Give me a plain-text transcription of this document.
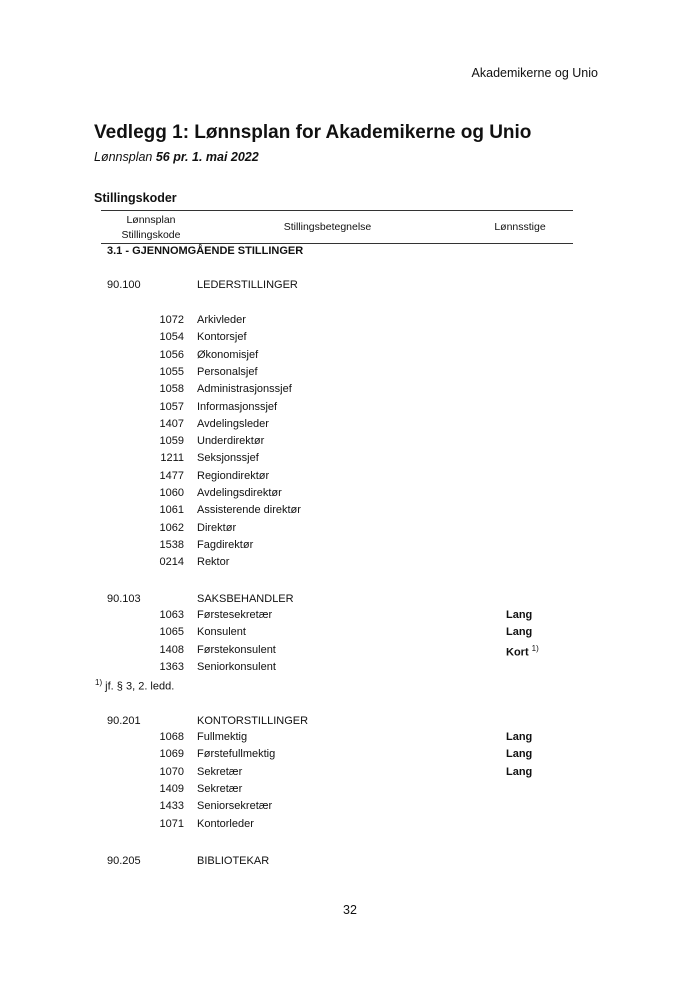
Akademikerne og Unio
Vedlegg 1: Lønnsplan for Akademikerne og Unio
Lønnsplan 56 pr. 1. mai 2022
Stillingskoder
Lønnsplan
Stillingskode
Stillingsbetegnelse	Lønnsstige
3.1 - GJENNOMGÅENDE STILLINGER
90.100	LEDERSTILLINGER
1072 Arkivleder
1054 Kontorsjef
1056 Økonomisjef
1055 Personalsjef
1058 Administrasjonssjef
1057 Informasjonssjef
1407 Avdelingsleder
1059 Underdirektør
1211 Seksjonssjef
1477 Regiondirektør
1060 Avdelingsdirektør
1061 Assisterende direktør
1062 Direktør
1538 Fagdirektør
0214 Rektor
90.103	SAKSBEHANDLER
1063 Førstesekretær	Lang
1065 Konsulent	Lang
1408 Førstekonsulent	Kort $^{1)}$
1363 Seniorkonsulent
$^{1)}$ jf. § 3, 2. ledd.
90.201	KONTORSTILLINGER
1068 Fullmektig	Lang
1069 Førstefullmektig	Lang
1070 Sekretær	Lang
1409 Sekretær
1433 Seniorsekretær
1071 Kontorleder
90.205	BIBLIOTEKAR
32
